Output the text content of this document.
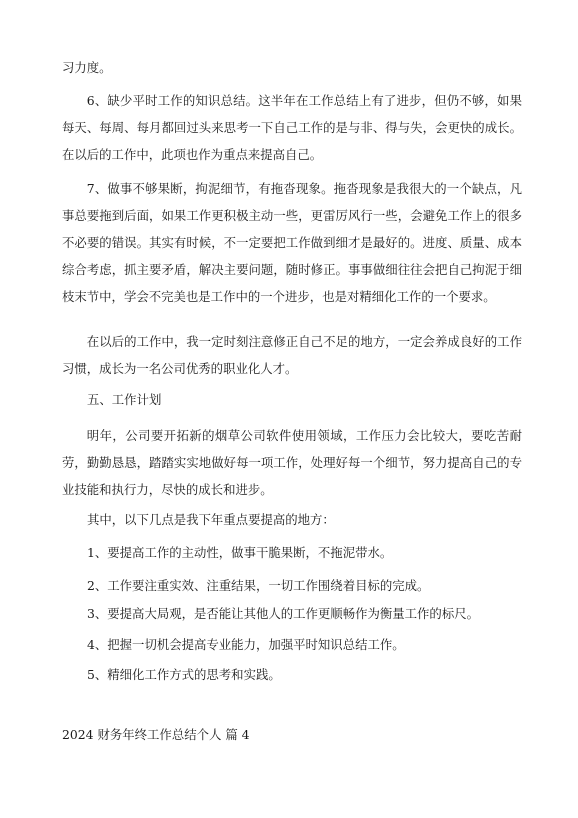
习力度。

6、缺少平时工作的知识总结。这半年在工作总结上有了进步，但仍不够，如果每天、每周、每月都回过头来思考一下自己工作的是与非、得与失，会更快的成长。在以后的工作中，此项也作为重点来提高自己。

7、做事不够果断，拘泥细节，有拖沓现象。拖沓现象是我很大的一个缺点，凡事总要拖到后面，如果工作更积极主动一些，更雷厉风行一些，会避免工作上的很多不必要的错误。其实有时候，不一定要把工作做到细才是最好的。进度、质量、成本综合考虑，抓主要矛盾，解决主要问题，随时修正。事事做细往往会把自己拘泥于细枝末节中，学会不完美也是工作中的一个进步，也是对精细化工作的一个要求。

在以后的工作中，我一定时刻注意修正自己不足的地方，一定会养成良好的工作习惯，成长为一名公司优秀的职业化人才。

五、工作计划

明年，公司要开拓新的烟草公司软件使用领域，工作压力会比较大，要吃苦耐劳，勤勤恳恳，踏踏实实地做好每一项工作，处理好每一个细节，努力提高自己的专业技能和执行力，尽快的成长和进步。

其中，以下几点是我下年重点要提高的地方：

1、要提高工作的主动性，做事干脆果断，不拖泥带水。

2、工作要注重实效、注重结果，一切工作围绕着目标的完成。

3、要提高大局观，是否能让其他人的工作更顺畅作为衡量工作的标尺。

4、把握一切机会提高专业能力，加强平时知识总结工作。

5、精细化工作方式的思考和实践。

2024 财务年终工作总结个人 篇 4
